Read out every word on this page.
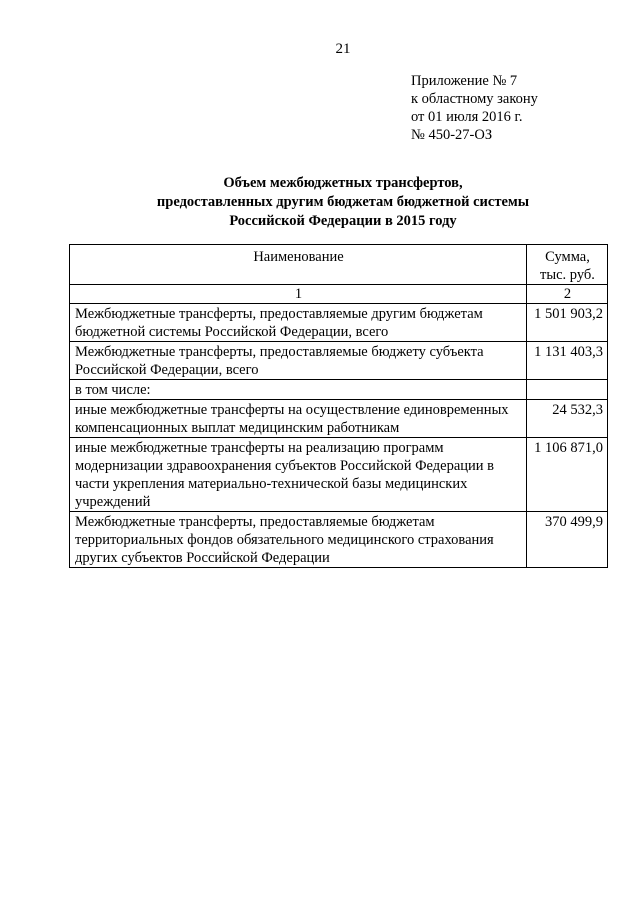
21
Приложение № 7
к областному закону
от 01 июля 2016 г.
№ 450-27-ОЗ
Объем межбюджетных трансфертов,
предоставленных другим бюджетам бюджетной системы
Российской Федерации в 2015 году
Наименование	Сумма, тыс. руб.
1	2
Межбюджетные трансферты, предоставляемые другим бюджетам бюджетной системы Российской Федерации, всего	1 501 903,2
Межбюджетные трансферты, предоставляемые бюджету субъекта Российской Федерации, всего	1 131 403,3
в том числе:	
иные межбюджетные трансферты на осуществление единовременных компенсационных выплат медицинским работникам	24 532,3
иные межбюджетные трансферты на реализацию программ модернизации здравоохранения субъектов Российской Федерации в части укрепления материально-технической базы медицинских учреждений	1 106 871,0
Межбюджетные трансферты, предоставляемые бюджетам территориальных фондов обязательного медицинского страхования других субъектов Российской Федерации	370 499,9
